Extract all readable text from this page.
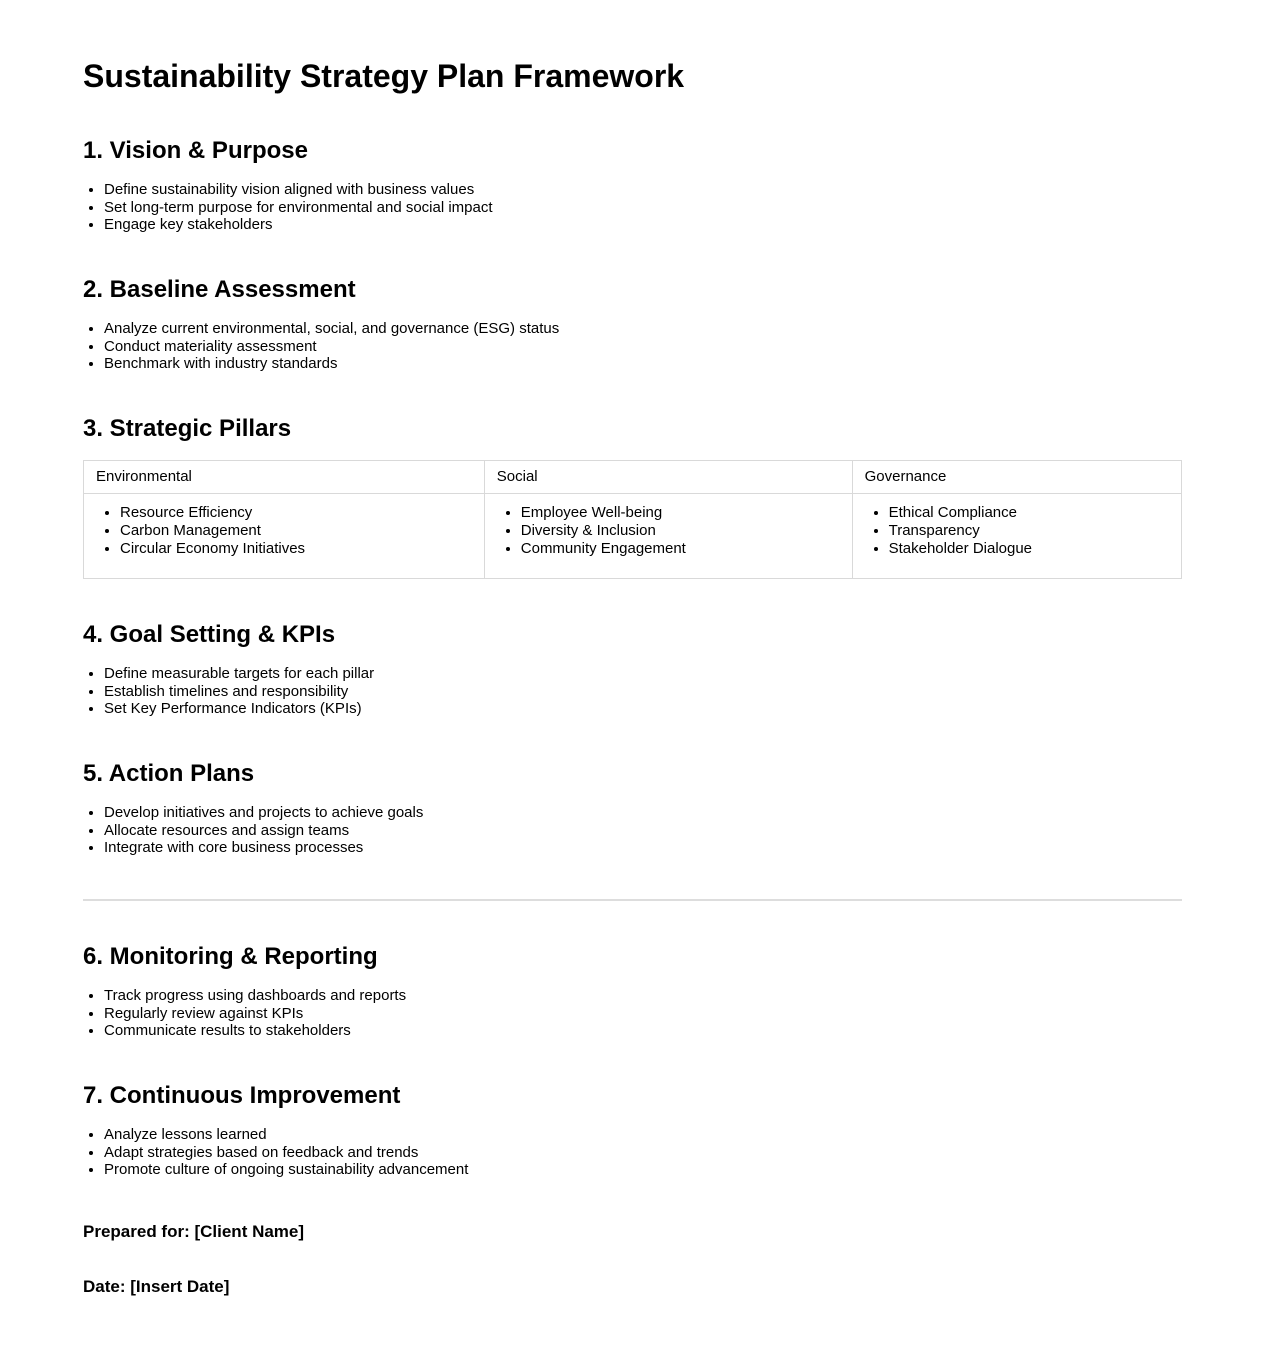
Sustainability Strategy Plan Framework
1. Vision & Purpose
• Define sustainability vision aligned with business values
• Set long-term purpose for environmental and social impact
• Engage key stakeholders
2. Baseline Assessment
• Analyze current environmental, social, and governance (ESG) status
• Conduct materiality assessment
• Benchmark with industry standards
3. Strategic Pillars
Environmental	Social	Governance

• Resource Efficiency
• Carbon Management
• Circular Economy Initiatives

• Employee Well-being
• Diversity & Inclusion
• Community Engagement

• Ethical Compliance
• Transparency
• Stakeholder Dialogue
4. Goal Setting & KPIs
• Define measurable targets for each pillar
• Establish timelines and responsibility
• Set Key Performance Indicators (KPIs)
5. Action Plans
• Develop initiatives and projects to achieve goals
• Allocate resources and assign teams
• Integrate with core business processes
6. Monitoring & Reporting
• Track progress using dashboards and reports
• Regularly review against KPIs
• Communicate results to stakeholders
7. Continuous Improvement
• Analyze lessons learned
• Adapt strategies based on feedback and trends
• Promote culture of ongoing sustainability advancement

Prepared for: [Client Name]

Date: [Insert Date]
